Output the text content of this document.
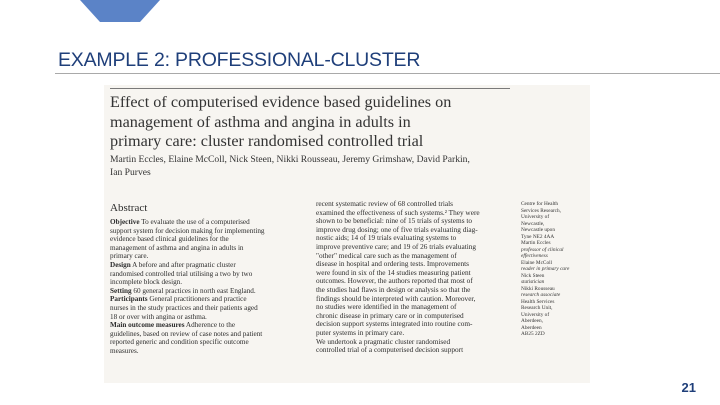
EXAMPLE 2: PROFESSIONAL-CLUSTER
Effect of computerised evidence based guidelines on
management of asthma and angina in adults in
primary care: cluster randomised controlled trial
Martin Eccles, Elaine McColl, Nick Steen, Nikki Rousseau, Jeremy Grimshaw, David Parkin,
Ian Purves
Abstract
Objective To evaluate the use of a computerised
support system for decision making for implementing
evidence based clinical guidelines for the
management of asthma and angina in adults in
primary care.
Design A before and after pragmatic cluster
randomised controlled trial utilising a two by two
incomplete block design.
Setting 60 general practices in north east England.
Participants General practitioners and practice
nurses in the study practices and their patients aged
18 or over with angina or asthma.
Main outcome measures Adherence to the
guidelines, based on review of case notes and patient
reported generic and condition specific outcome
measures.
recent systematic review of 68 controlled trials
examined the effectiveness of such systems.² They were
shown to be beneficial: nine of 15 trials of systems to
improve drug dosing; one of five trials evaluating diag-
nostic aids; 14 of 19 trials evaluating systems to
improve preventive care; and 19 of 26 trials evaluating
"other" medical care such as the management of
disease in hospital and ordering tests. Improvements
were found in six of the 14 studies measuring patient
outcomes. However, the authors reported that most of
the studies had flaws in design or analysis so that the
findings should be interpreted with caution. Moreover,
no studies were identified in the management of
chronic disease in primary care or in computerised
decision support systems integrated into routine com-
puter systems in primary care.
We undertook a pragmatic cluster randomised
controlled trial of a computerised decision support
Centre for Health
Services Research,
University of
Newcastle,
Newcastle upon
Tyne NE2 4AA
Martin Eccles
professor of clinical
effectiveness
Elaine McColl
reader in primary care
Nick Steen
statistician
Nikki Rousseau
research associate
Health Services
Research Unit,
University of
Aberdeen,
Aberdeen
AB25 2ZD
21
